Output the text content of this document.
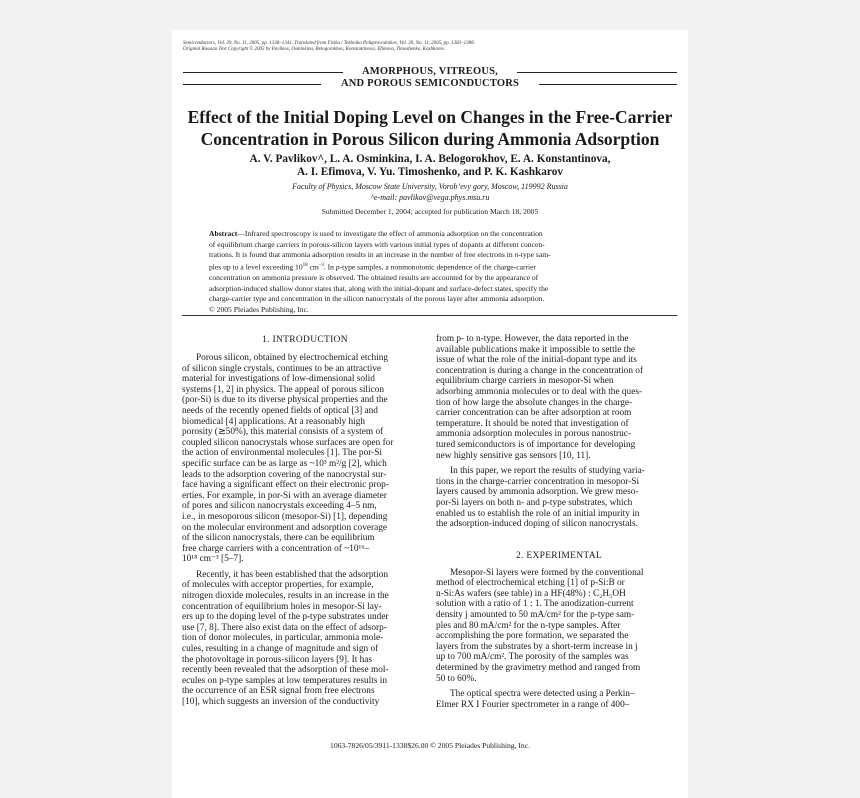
Semiconductors, Vol. 39, No. 11, 2005, pp. 1338–1341. Translated from Fizika i Tekhnika Poluprovodnikov, Vol. 39, No. 11, 2005, pp. 1383–1388.
Original Russian Text Copyright © 2005 by Pavlikov, Osminkina, Belogorokhov, Konstantinova, Efimova, Timoshenko, Kashkarov.
AMORPHOUS, VITREOUS,
AND POROUS SEMICONDUCTORS
Effect of the Initial Doping Level on Changes in the Free-Carrier
Concentration in Porous Silicon during Ammonia Adsorption
A. V. Pavlikov^, L. A. Osminkina, I. A. Belogorokhov, E. A. Konstantinova,
A. I. Efimova, V. Yu. Timoshenko, and P. K. Kashkarov
Faculty of Physics, Moscow State University, Vorob’evy gory, Moscow, 119992 Russia
^e-mail: pavlikov@vega.phys.msu.ru
Submitted December 1, 2004; accepted for publication March 18, 2005
Abstract—Infrared spectroscopy is used to investigate the effect of ammonia adsorption on the concentration
of equilibrium charge carriers in porous-silicon layers with various initial types of dopants at different concen-
trations. It is found that ammonia adsorption results in an increase in the number of free electrons in n-type sam-
ples up to a level exceeding $10^{18}$ $cm^{-3}$. In p-type samples, a nonmonotonic dependence of the charge-carrier
concentration on ammonia pressure is observed. The obtained results are accounted for by the appearance of
adsorption-induced shallow donor states that, along with the initial-dopant and surface-defect states, specify the
charge-carrier type and concentration in the silicon nanocrystals of the porous layer after ammonia adsorption.
© 2005 Pleiades Publishing, Inc.

1. INTRODUCTION

Porous silicon, obtained by electrochemical etching
of silicon single crystals, continues to be an attractive
material for investigations of low-dimensional solid
systems [1, 2] in physics. The appeal of porous silicon
(por-Si) is due to its diverse physical properties and the
needs of the recently opened fields of optical [3] and
biomedical [4] applications. At a reasonably high
porosity (≳50%), this material consists of a system of
coupled silicon nanocrystals whose surfaces are open for
the action of environmental molecules [1]. The por-Si
specific surface can be as large as ~10³ m²/g [2], which
leads to the adsorption covering of the nanocrystal sur-
face having a significant effect on their electronic prop-
erties. For example, in por-Si with an average diameter
of pores and silicon nanocrystals exceeding 4–5 nm,
i.e., in mesoporous silicon (mesopor-Si) [1], depending
on the molecular environment and adsorption coverage
of the silicon nanocrystals, there can be equilibrium
free charge carriers with a concentration of ~10¹⁶–
10¹⁸ cm⁻³ [5–7].

Recently, it has been established that the adsorption
of molecules with acceptor properties, for example,
nitrogen dioxide molecules, results in an increase in the
concentration of equilibrium holes in mesopor-Si lay-
ers up to the doping level of the p-type substrates under
use [7, 8]. There also exist data on the effect of adsorp-
tion of donor molecules, in particular, ammonia mole-
cules, resulting in a change of magnitude and sign of
the photovoltage in porous-silicon layers [9]. It has
recently been revealed that the adsorption of these mol-
ecules on p-type samples at low temperatures results in
the occurrence of an ESR signal from free electrons
[10], which suggests an inversion of the conductivity

from p- to n-type. However, the data reported in the
available publications make it impossible to settle the
issue of what the role of the initial-dopant type and its
concentration is during a change in the concentration of
equilibrium charge carriers in mesopor-Si when
adsorbing ammonia molecules or to deal with the ques-
tion of how large the absolute changes in the charge-
carrier concentration can be after adsorption at room
temperature. It should be noted that investigation of
ammonia adsorption molecules in porous nanostruc-
tured semiconductors is of importance for developing
new highly sensitive gas sensors [10, 11].

In this paper, we report the results of studying varia-
tions in the charge-carrier concentration in mesopor-Si
layers caused by ammonia adsorption. We grew meso-
por-Si layers on both n- and p-type substrates, which
enabled us to establish the role of an initial impurity in
the adsorption-induced doping of silicon nanocrystals.

2. EXPERIMENTAL

Mesopor-Si layers were formed by the conventional
method of electrochemical etching [1] of p-Si:B or
n-Si:As wafers (see table) in a HF(48%) : C₂H₅OH
solution with a ratio of 1 : 1. The anodization-current
density j amounted to 50 mA/cm² for the p-type sam-
ples and 80 mA/cm² for the n-type samples. After
accomplishing the pore formation, we separated the
layers from the substrates by a short-term increase in j
up to 700 mA/cm². The porosity of the samples was
determined by the gravimetry method and ranged from
50 to 60%.

The optical spectra were detected using a Perkin–
Elmer RX I Fourier spectrometer in a range of 400–

1063-7826/05/3911-1338$26.00 © 2005 Pleiades Publishing, Inc.
